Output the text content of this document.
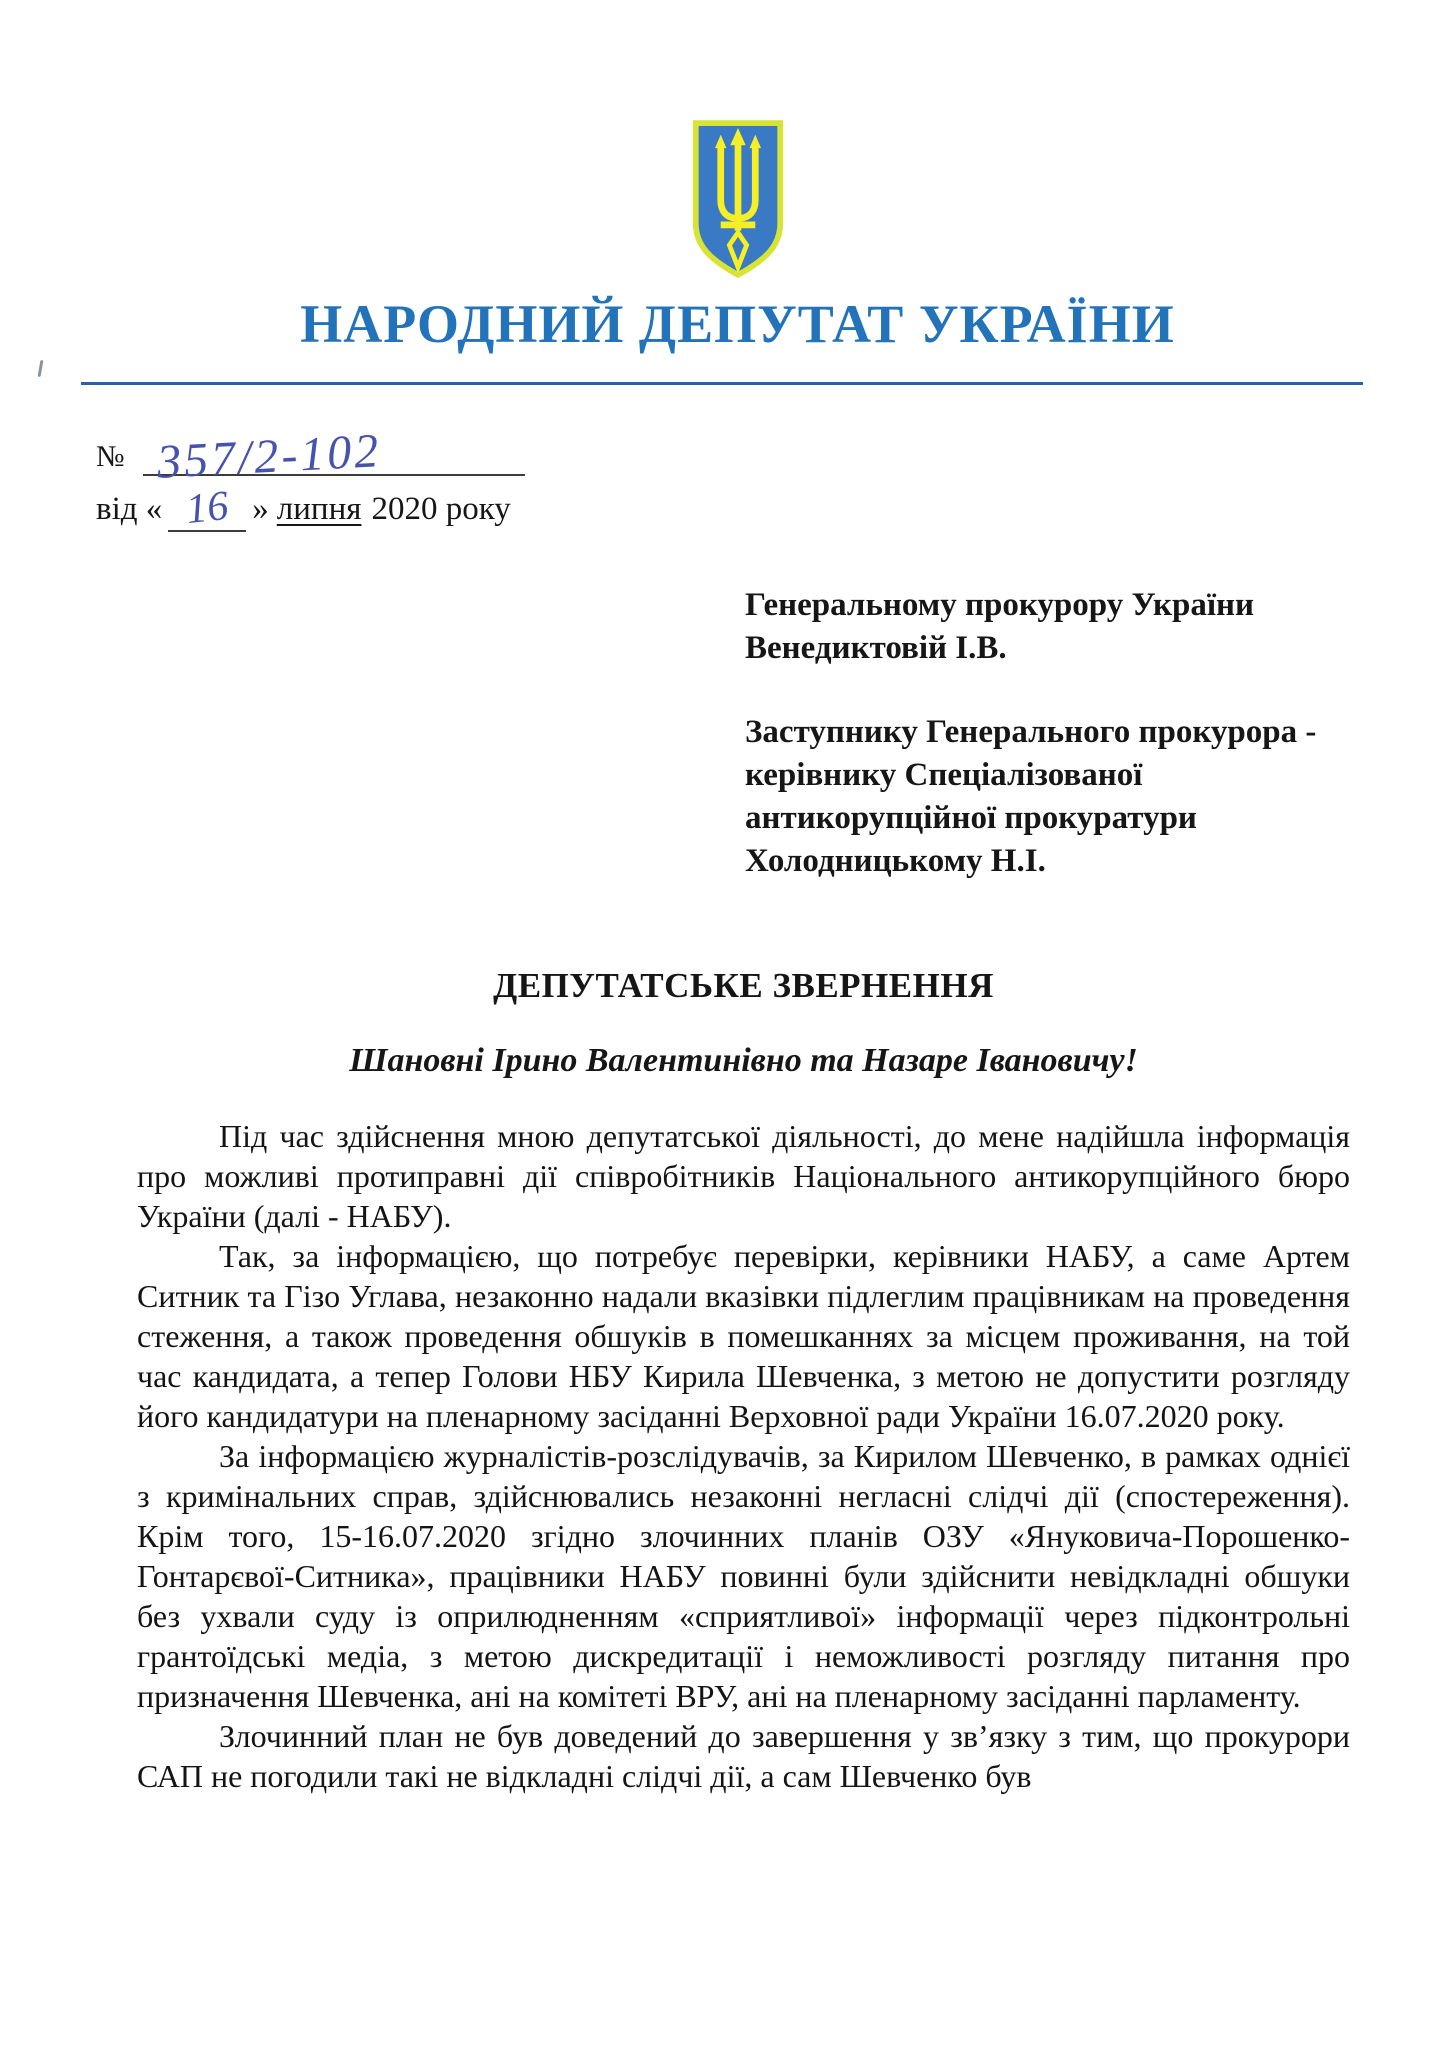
НАРОДНИЙ ДЕПУТАТ УКРАЇНИ
№ 357/2-102
від « 16 » липня 2020 року
Генеральному прокурору України
Венедиктовій І.В.
Заступнику Генерального прокурора -
керівнику Спеціалізованої
антикорупційної прокуратури
Холодницькому Н.І.
ДЕПУТАТСЬКЕ ЗВЕРНЕННЯ
Шановні Ірино Валентинівно та Назаре Івановичу!

Під час здійснення мною депутатської діяльності, до мене надійшла інформація про можливі протиправні дії співробітників Національного антикорупційного бюро України (далі - НАБУ).

Так, за інформацією, що потребує перевірки, керівники НАБУ, а саме Артем Ситник та Гізо Углава, незаконно надали вказівки підлеглим працівникам на проведення стеження, а також проведення обшуків в помешканнях за місцем проживання, на той час кандидата, а тепер Голови НБУ Кирила Шевченка, з метою не допустити розгляду його кандидатури на пленарному засіданні Верховної ради України 16.07.2020 року.

За інформацією журналістів-розслідувачів, за Кирилом Шевченко, в рамках однієї з кримінальних справ, здійснювались незаконні негласні слідчі дії (спостереження). Крім того, 15-16.07.2020 згідно злочинних планів ОЗУ «Януковича-Порошенко-Гонтарєвої-Ситника», працівники НАБУ повинні були здійснити невідкладні обшуки без ухвали суду із оприлюдненням «сприятливої» інформації через підконтрольні грантоїдські медіа, з метою дискредитації і неможливості розгляду питання про призначення Шевченка, ані на комітеті ВРУ, ані на пленарному засіданні парламенту.

Злочинний план не був доведений до завершення у зв’язку з тим, що прокурори САП не погодили такі не відкладні слідчі дії, а сам Шевченко був
